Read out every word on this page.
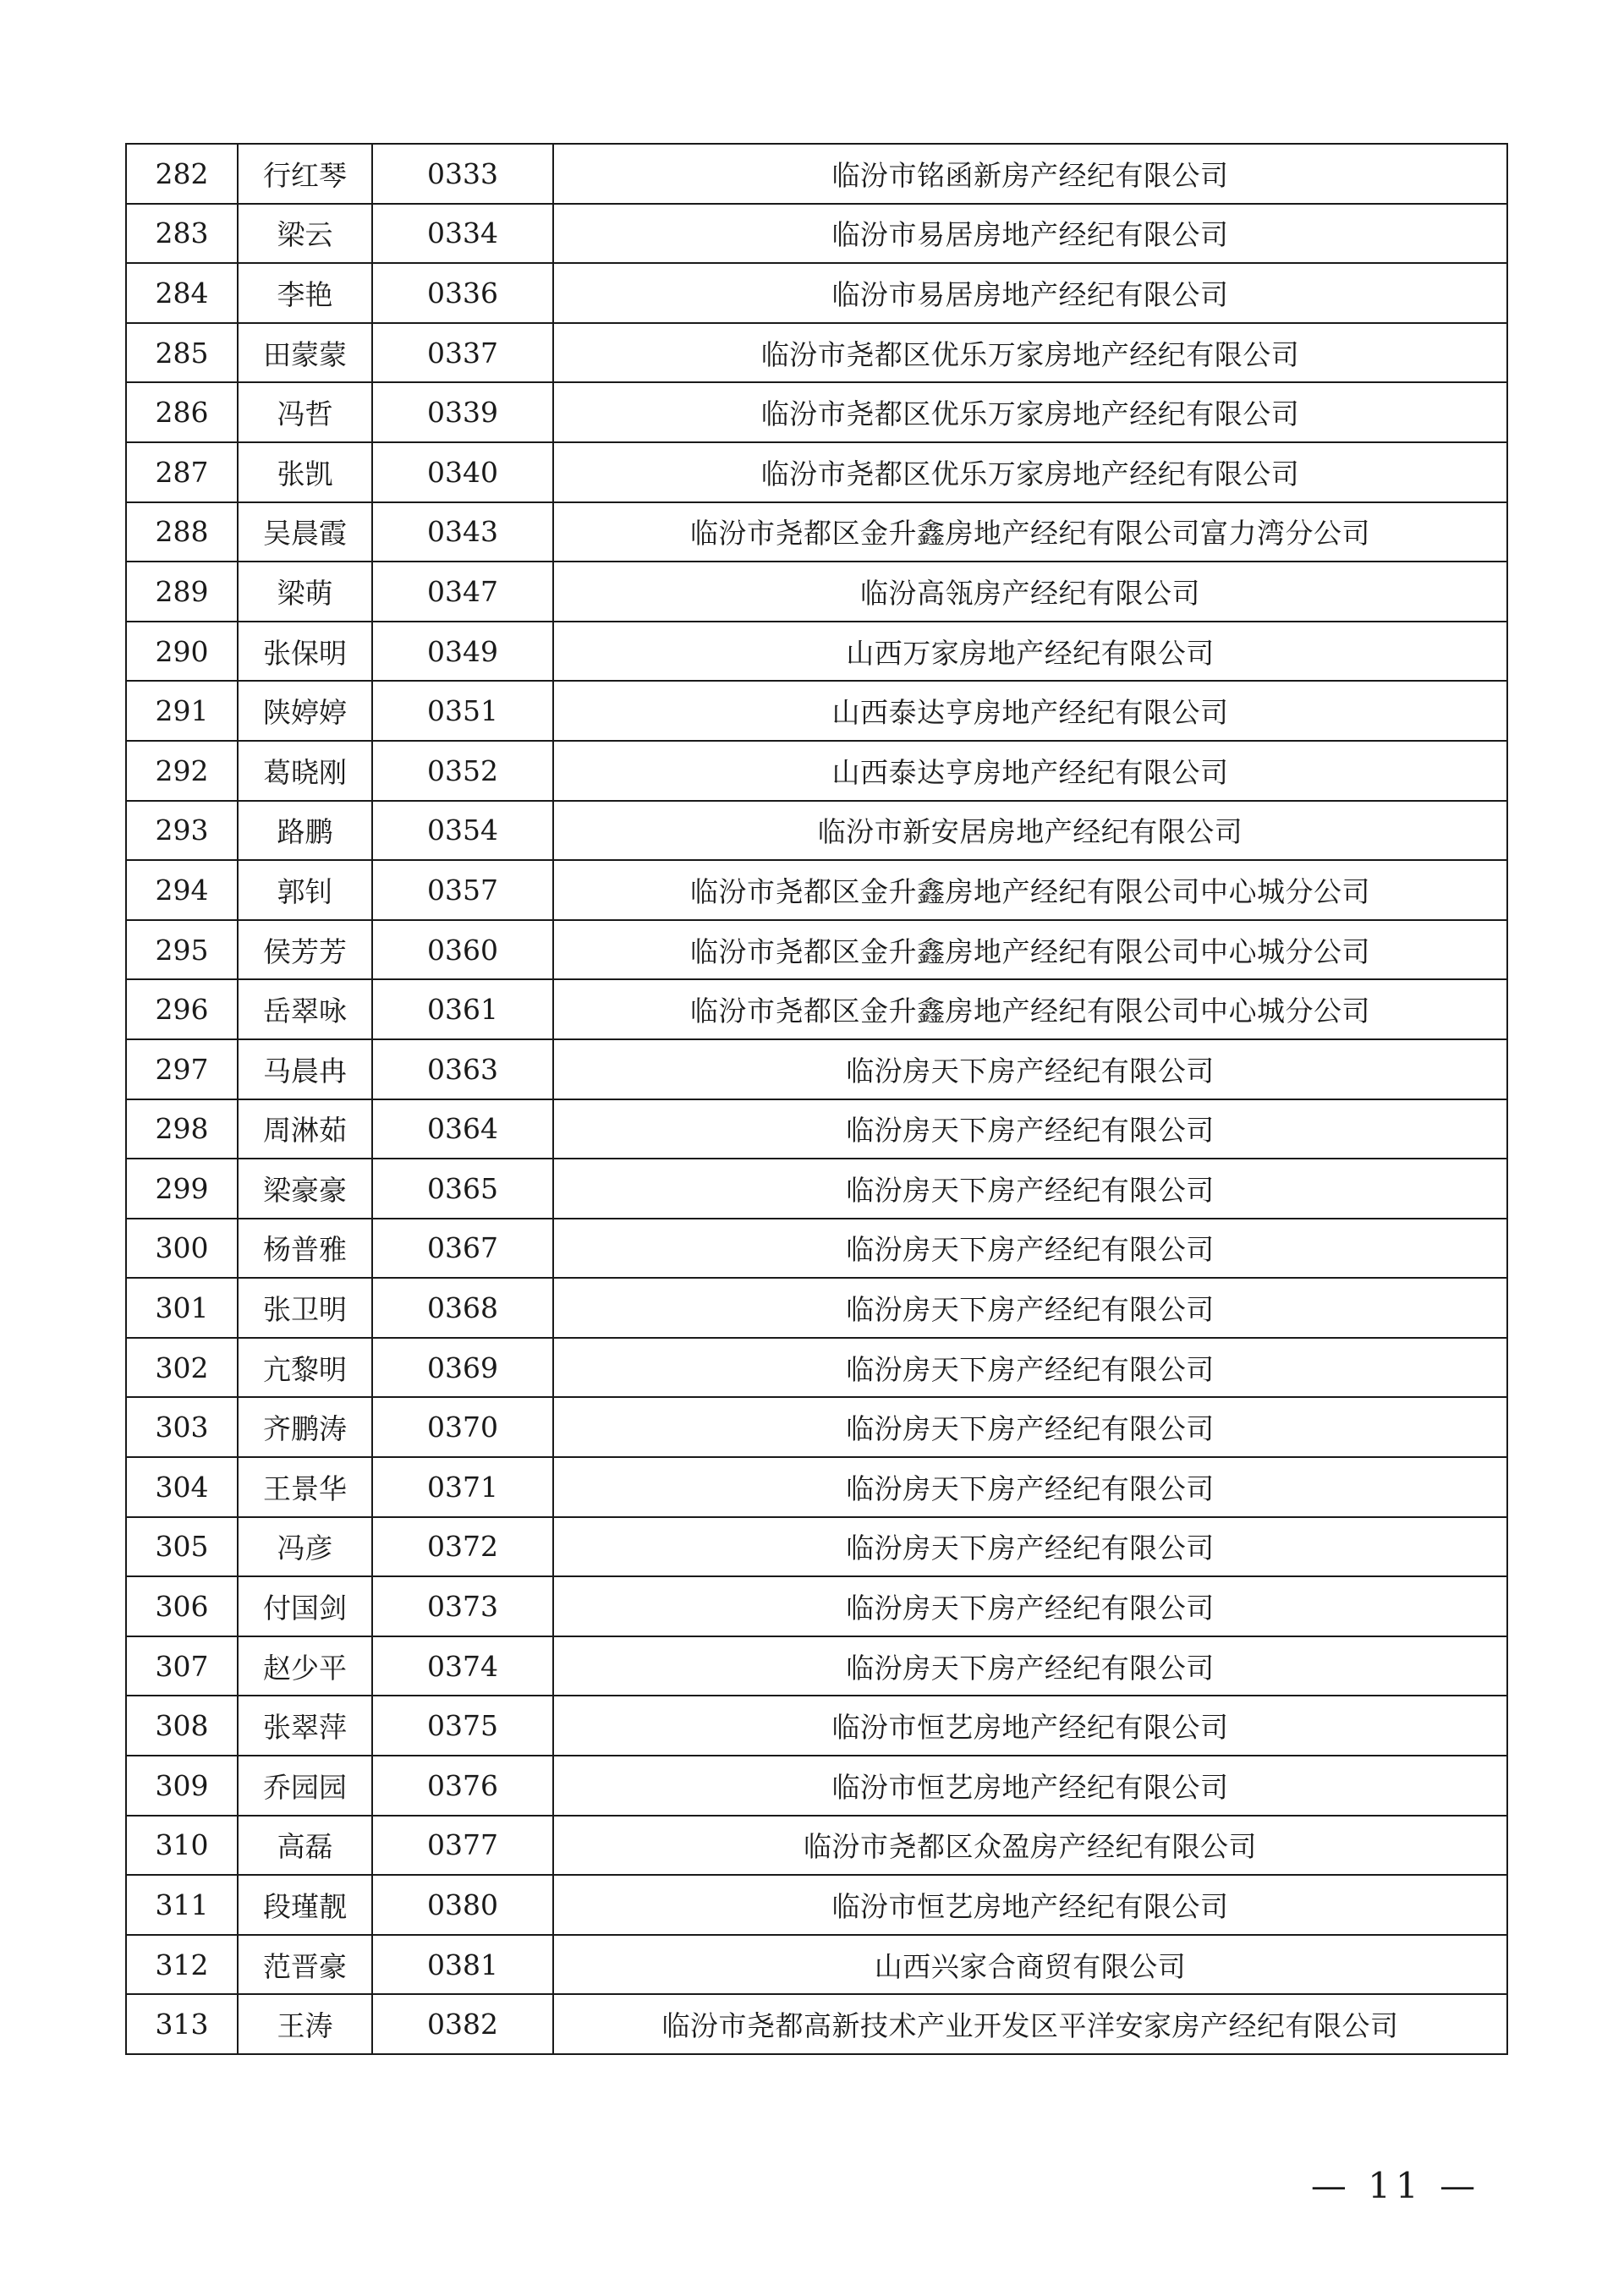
282	行红琴	0333	临汾市铭函新房产经纪有限公司
283	梁云	0334	临汾市易居房地产经纪有限公司
284	李艳	0336	临汾市易居房地产经纪有限公司
285	田蒙蒙	0337	临汾市尧都区优乐万家房地产经纪有限公司
286	冯哲	0339	临汾市尧都区优乐万家房地产经纪有限公司
287	张凯	0340	临汾市尧都区优乐万家房地产经纪有限公司
288	吴晨霞	0343	临汾市尧都区金升鑫房地产经纪有限公司富力湾分公司
289	梁萌	0347	临汾高瓴房产经纪有限公司
290	张保明	0349	山西万家房地产经纪有限公司
291	陕婷婷	0351	山西泰达亨房地产经纪有限公司
292	葛晓刚	0352	山西泰达亨房地产经纪有限公司
293	路鹏	0354	临汾市新安居房地产经纪有限公司
294	郭钊	0357	临汾市尧都区金升鑫房地产经纪有限公司中心城分公司
295	侯芳芳	0360	临汾市尧都区金升鑫房地产经纪有限公司中心城分公司
296	岳翠咏	0361	临汾市尧都区金升鑫房地产经纪有限公司中心城分公司
297	马晨冉	0363	临汾房天下房产经纪有限公司
298	周淋茹	0364	临汾房天下房产经纪有限公司
299	梁豪豪	0365	临汾房天下房产经纪有限公司
300	杨普雅	0367	临汾房天下房产经纪有限公司
301	张卫明	0368	临汾房天下房产经纪有限公司
302	亢黎明	0369	临汾房天下房产经纪有限公司
303	齐鹏涛	0370	临汾房天下房产经纪有限公司
304	王景华	0371	临汾房天下房产经纪有限公司
305	冯彦	0372	临汾房天下房产经纪有限公司
306	付国剑	0373	临汾房天下房产经纪有限公司
307	赵少平	0374	临汾房天下房产经纪有限公司
308	张翠萍	0375	临汾市恒艺房地产经纪有限公司
309	乔园园	0376	临汾市恒艺房地产经纪有限公司
310	高磊	0377	临汾市尧都区众盈房产经纪有限公司
311	段瑾靓	0380	临汾市恒艺房地产经纪有限公司
312	范晋豪	0381	山西兴家合商贸有限公司
313	王涛	0382	临汾市尧都高新技术产业开发区平洋安家房产经纪有限公司
— 11 —
